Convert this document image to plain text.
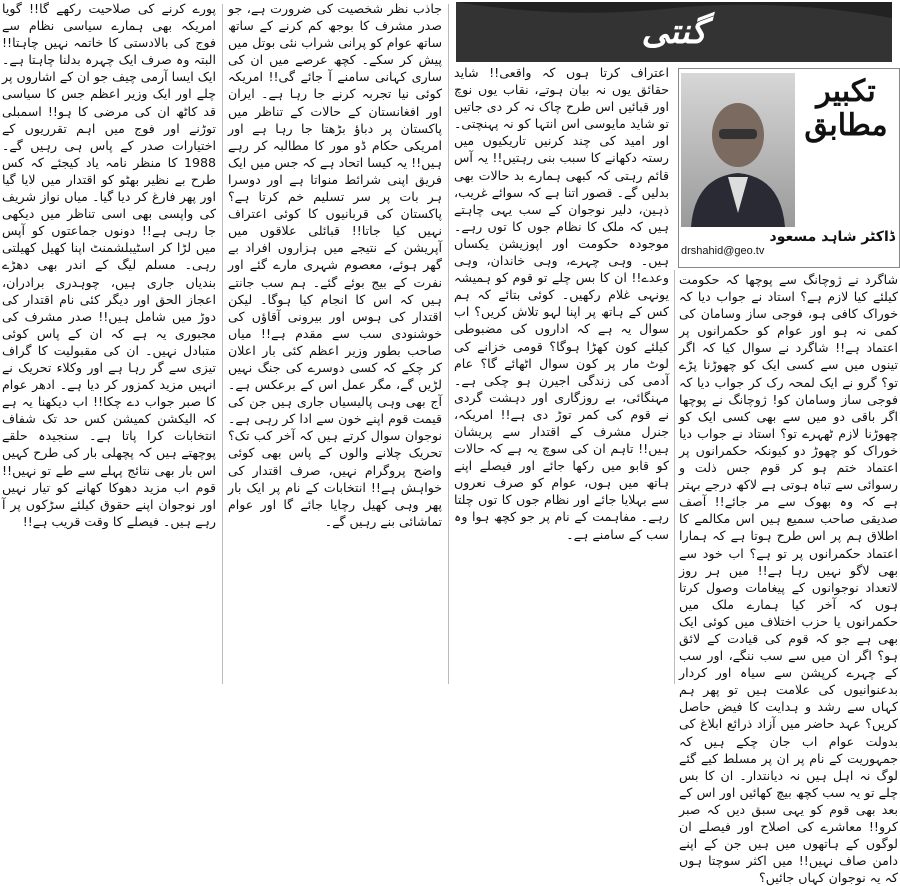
گنتی
تکبیر
مطابق
ڈاکٹر شاہد مسعود
drshahid@geo.tv

شاگرد نے ژوچانگ سے پوچھا کہ حکومت کیلئے کیا لازم ہے؟ استاد نے جواب دیا کہ خوراک کافی ہو، فوجی ساز وسامان کی کمی نہ ہو اور عوام کو حکمرانوں پر اعتماد ہے!! شاگرد نے سوال کیا کہ اگر تینوں میں سے کسی ایک کو چھوڑنا پڑے تو؟ گرو نے ایک لمحہ رک کر جواب دیا کہ فوجی ساز وسامان کو! ژوچانگ نے پوچھا اگر باقی دو میں سے بھی کسی ایک کو چھوڑنا لازم ٹھہرے تو؟ استاد نے جواب دیا خوراک کو چھوڑ دو کیونکہ حکمرانوں پر اعتماد ختم ہو کر قوم جس ذلت و رسوائی سے تباہ ہوتی ہے لاکھ درجے بہتر ہے کہ وہ بھوک سے مر جائے!! آصف صدیقی صاحب سمیع ہیں اس مکالمے کا اطلاق ہم پر اس طرح ہوتا ہے کہ ہمارا اعتماد حکمرانوں پر تو ہے؟ اب خود سے بھی لاگو نہیں رہا ہے!! میں ہر روز لاتعداد نوجوانوں کے پیغامات وصول کرتا ہوں کہ آخر کیا ہمارے ملک میں حکمرانوں یا حزب اختلاف میں کوئی ایک بھی ہے جو کہ قوم کی قیادت کے لائق ہو؟ اگر ان میں سے سب ننگے، اور سب کے چہرے کرپشن سے سیاہ اور کردار بدعنوانیوں کی علامت ہیں تو پھر ہم کہاں سے رشد و ہدایت کا فیض حاصل کریں؟ عہد حاضر میں آزاد ذرائع ابلاغ کی بدولت عوام اب جان چکے ہیں کہ جمہوریت کے نام پر ان پر مسلط کیے گئے لوگ نہ اہل ہیں نہ دیانتدار۔ ان کا بس چلے تو یہ سب کچھ بیچ کھائیں اور اس کے بعد بھی قوم کو یہی سبق دیں کہ صبر کرو!! معاشرے کی اصلاح اور فیصلے ان لوگوں کے ہاتھوں میں ہیں جن کے اپنے دامن صاف نہیں!! میں اکثر سوچتا ہوں کہ یہ نوجوان کہاں جائیں؟

اعتراف کرتا ہوں کہ واقعی!! شاید حقائق یوں نہ بیان ہوتے، نقاب یوں نوچ اور قبائیں اس طرح چاک نہ کر دی جاتیں تو شاید مایوسی اس انتہا کو نہ پہنچتی۔ اور امید کی چند کرنیں تاریکیوں میں رستہ دکھانے کا سبب بنی رہتیں!! یہ آس قائم رہتی کہ کبھی ہمارے بد حالات بھی بدلیں گے۔ قصور اتنا ہے کہ سوائے غریب، ذہین، دلیر نوجوان کے سب یہی چاہتے ہیں کہ ملک کا نظام جوں کا توں رہے۔ موجودہ حکومت اور اپوزیشن یکساں ہیں۔ وہی چہرے، وہی خاندان، وہی وعدے!! ان کا بس چلے تو قوم کو ہمیشہ یونہی غلام رکھیں۔ کوئی بتائے کہ ہم کس کے ہاتھ پر اپنا لہو تلاش کریں؟ اب سوال یہ ہے کہ اداروں کی مضبوطی کیلئے کون کھڑا ہوگا؟ قومی خزانے کی لوٹ مار پر کون سوال اٹھائے گا؟ عام آدمی کی زندگی اجیرن ہو چکی ہے۔ مہنگائی، بے روزگاری اور دہشت گردی نے قوم کی کمر توڑ دی ہے!! امریکہ، جنرل مشرف کے اقتدار سے پریشان ہیں!! تاہم ان کی سوچ یہ ہے کہ حالات کو قابو میں رکھا جائے اور فیصلے اپنے ہاتھ میں ہوں، عوام کو صرف نعروں سے بہلایا جائے اور نظام جوں کا توں چلتا رہے۔ مفاہمت کے نام پر جو کچھ ہوا وہ سب کے سامنے ہے۔

جاذب نظر شخصیت کی ضرورت ہے، جو صدر مشرف کا بوجھ کم کرنے کے ساتھ ساتھ عوام کو پرانی شراب نئی بوتل میں پیش کر سکے۔ کچھ عرصے میں ان کی ساری کہانی سامنے آ جائے گی!! امریکہ کوئی نیا تجربہ کرنے جا رہا ہے۔ ایران اور افغانستان کے حالات کے تناظر میں پاکستان پر دباؤ بڑھتا جا رہا ہے اور امریکی حکام ڈو مور کا مطالبہ کر رہے ہیں!! یہ کیسا اتحاد ہے کہ جس میں ایک فریق اپنی شرائط منواتا ہے اور دوسرا ہر بات پر سر تسلیم خم کرتا ہے؟ پاکستان کی قربانیوں کا کوئی اعتراف نہیں کیا جاتا!! قبائلی علاقوں میں آپریشن کے نتیجے میں ہزاروں افراد بے گھر ہوئے، معصوم شہری مارے گئے اور نفرت کے بیج بوئے گئے۔ ہم سب جانتے ہیں کہ اس کا انجام کیا ہوگا۔ لیکن اقتدار کی ہوس اور بیرونی آقاؤں کی خوشنودی سب سے مقدم ہے!! میاں صاحب بطور وزیر اعظم کئی بار اعلان کر چکے کہ کسی دوسرے کی جنگ نہیں لڑیں گے، مگر عمل اس کے برعکس ہے۔ آج بھی وہی پالیسیاں جاری ہیں جن کی قیمت قوم اپنے خون سے ادا کر رہی ہے۔ نوجوان سوال کرتے ہیں کہ آخر کب تک؟ تحریک چلانے والوں کے پاس بھی کوئی واضح پروگرام نہیں، صرف اقتدار کی خواہش ہے!! انتخابات کے نام پر ایک بار پھر وہی کھیل رچایا جائے گا اور عوام تماشائی بنے رہیں گے۔

پورے کرنے کی صلاحیت رکھے گا!! گویا امریکہ بھی ہمارے سیاسی نظام سے فوج کی بالادستی کا خاتمہ نہیں چاہتا!! البتہ وہ صرف ایک چہرہ بدلنا چاہتا ہے۔ ایک ایسا آرمی چیف جو ان کے اشاروں پر چلے اور ایک وزیر اعظم جس کا سیاسی قد کاٹھ ان کی مرضی کا ہو!! اسمبلی توڑنے اور فوج میں اہم تقرریوں کے اختیارات صدر کے پاس ہی رہیں گے۔ 1988 کا منظر نامہ یاد کیجئے کہ کس طرح بے نظیر بھٹو کو اقتدار میں لایا گیا اور پھر فارغ کر دیا گیا۔ میاں نواز شریف کی واپسی بھی اسی تناظر میں دیکھی جا رہی ہے!! دونوں جماعتوں کو آپس میں لڑا کر اسٹیبلشمنٹ اپنا کھیل کھیلتی رہی۔ مسلم لیگ کے اندر بھی دھڑے بندیاں جاری ہیں، چوہدری برادران، اعجاز الحق اور دیگر کئی نام اقتدار کی دوڑ میں شامل ہیں!! صدر مشرف کی مجبوری یہ ہے کہ ان کے پاس کوئی متبادل نہیں۔ ان کی مقبولیت کا گراف تیزی سے گر رہا ہے اور وکلاء تحریک نے انہیں مزید کمزور کر دیا ہے۔ ادھر عوام کا صبر جواب دے چکا!! اب دیکھنا یہ ہے کہ الیکشن کمیشن کس حد تک شفاف انتخابات کرا پاتا ہے۔ سنجیدہ حلقے پوچھتے ہیں کہ پچھلی بار کی طرح کہیں اس بار بھی نتائج پہلے سے طے تو نہیں!! قوم اب مزید دھوکا کھانے کو تیار نہیں اور نوجوان اپنے حقوق کیلئے سڑکوں پر آ رہے ہیں۔ فیصلے کا وقت قریب ہے!!
